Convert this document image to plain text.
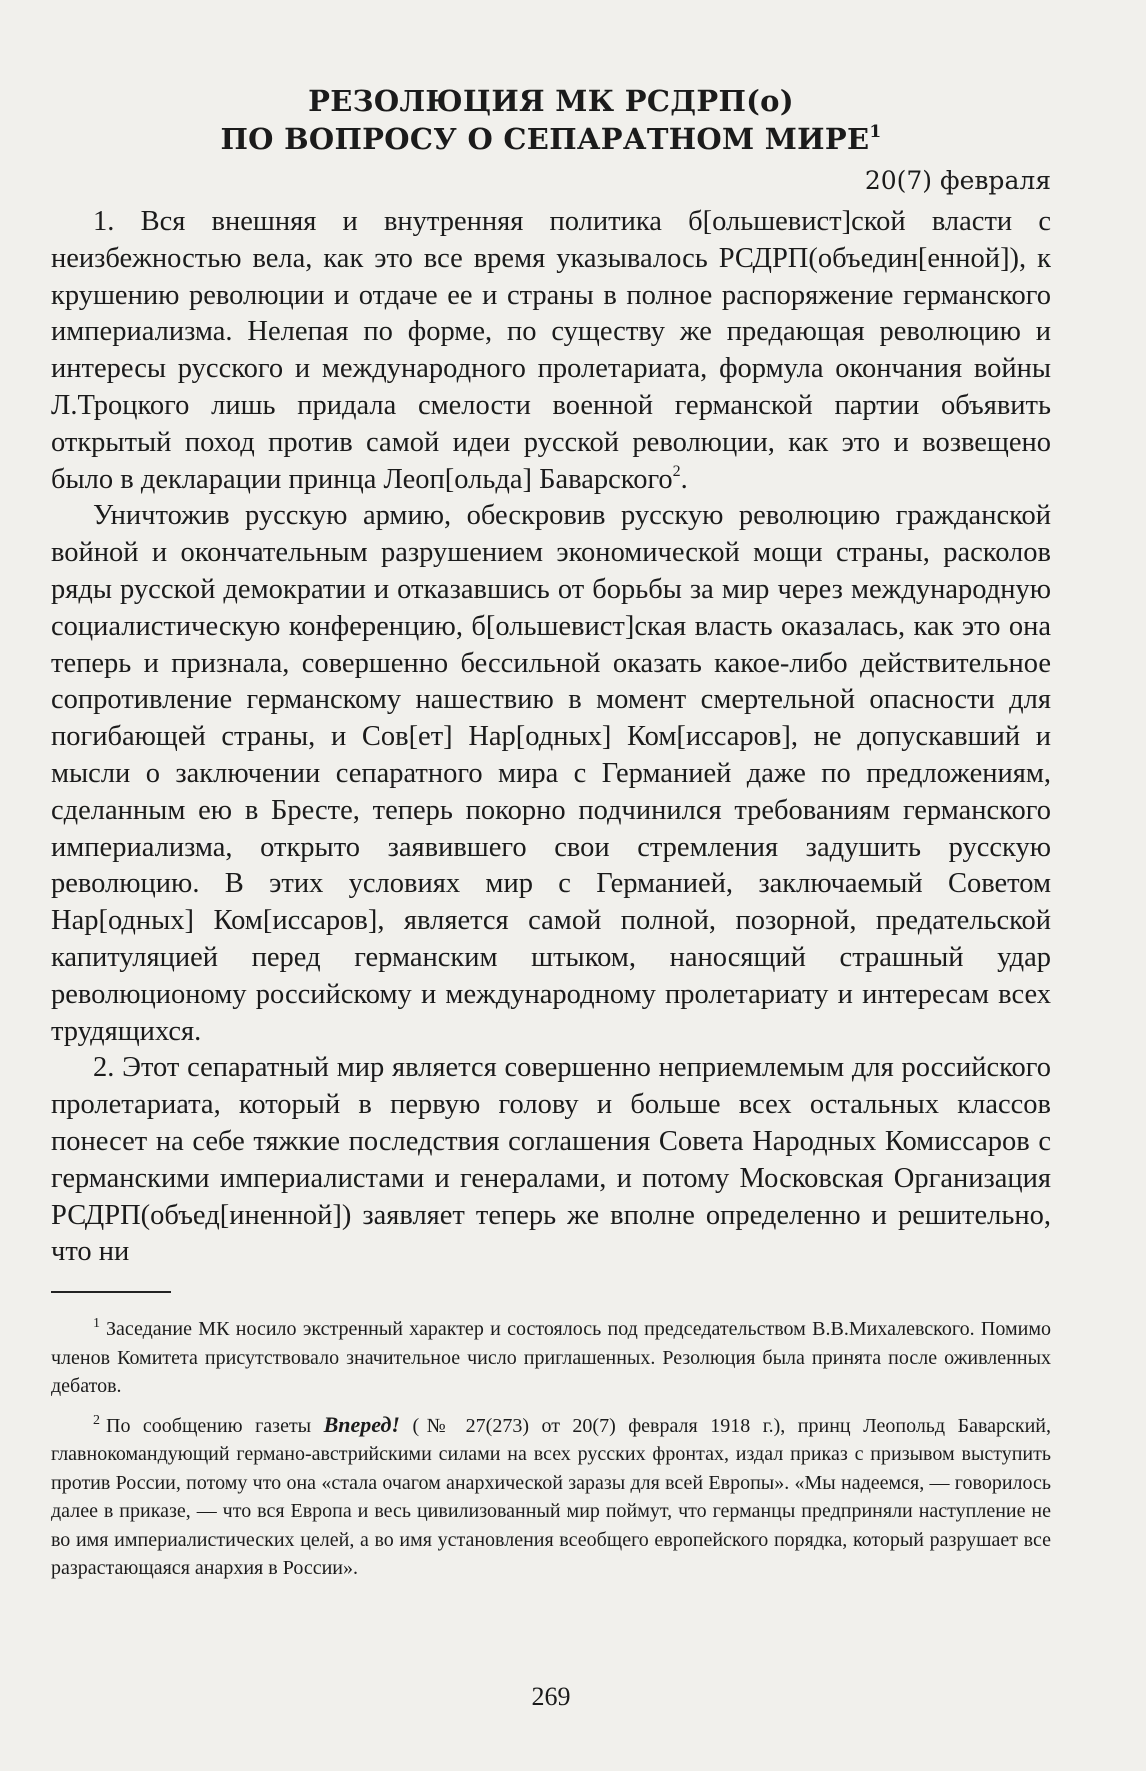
РЕЗОЛЮЦИЯ МК РСДРП(о)
ПО ВОПРОСУ О СЕПАРАТНОМ МИРЕ$^1$
20(7) февраля

1. Вся внешняя и внутренняя политика б[ольшевист]ской власти с неизбежностью вела, как это все время указывалось РСДРП(объедин[енной]), к крушению революции и отдаче ее и страны в полное распоряжение германского империализма. Нелепая по форме, по существу же предающая революцию и интересы русского и международного пролетариата, формула окончания войны Л.Троцкого лишь придала смелости военной германской партии объявить открытый поход против самой идеи русской революции, как это и возвещено было в декларации принца Леоп[ольда] Баварского$^2$.

Уничтожив русскую армию, обескровив русскую революцию гражданской войной и окончательным разрушением экономической мощи страны, расколов ряды русской демократии и отказавшись от борьбы за мир через международную социалистическую конференцию, б[ольшевист]ская власть оказалась, как это она теперь и признала, совершенно бессильной оказать какое-либо действительное сопротивление германскому нашествию в момент смертельной опасности для погибающей страны, и Сов[ет] Нар[одных] Ком[иссаров], не допускавший и мысли о заключении сепаратного мира с Германией даже по предложениям, сделанным ею в Бресте, теперь покорно подчинился требованиям германского империализма, открыто заявившего свои стремления задушить русскую революцию. В этих условиях мир с Германией, заключаемый Советом Нар[одных] Ком[иссаров], является самой полной, позорной, предательской капитуляцией перед германским штыком, наносящий страшный удар революционому российскому и международному пролетариату и интересам всех трудящихся.

2. Этот сепаратный мир является совершенно неприемлемым для российского пролетариата, который в первую голову и больше всех остальных классов понесет на себе тяжкие последствия соглашения Совета Народных Комиссаров с германскими империалистами и генералами, и потому Московская Организация РСДРП(объед[иненной]) заявляет теперь же вполне определенно и решительно, что ни

$^1$ Заседание МК носило экстренный характер и состоялось под председательством В.В.Михалевского. Помимо членов Комитета присутствовало значительное число приглашенных. Резолюция была принята после оживленных дебатов.

$^2$ По сообщению газеты Вперед! (№ 27(273) от 20(7) февраля 1918 г.), принц Леопольд Баварский, главнокомандующий германо-австрийскими силами на всех русских фронтах, издал приказ с призывом выступить против России, потому что она «стала очагом анархической заразы для всей Европы». «Мы надеемся, — говорилось далее в приказе, — что вся Европа и весь цивилизованный мир поймут, что германцы предприняли наступление не во имя империалистических целей, а во имя установления всеобщего европейского порядка, который разрушает все разрастающаяся анархия в России».

269
